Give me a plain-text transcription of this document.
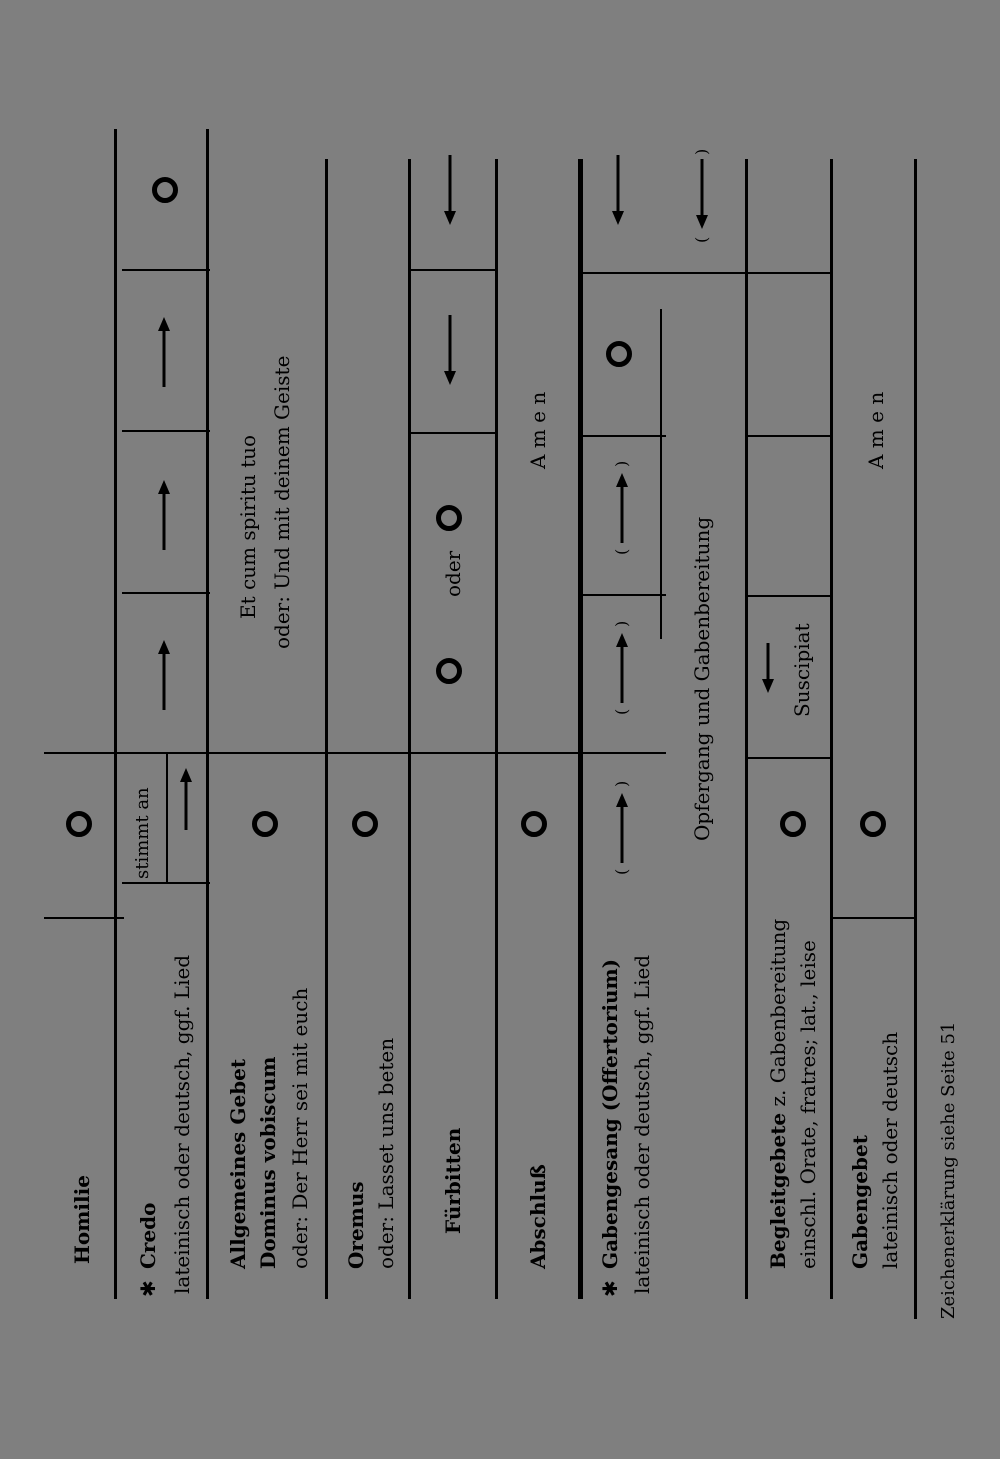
Homilie
✱
Credo lateinisch oder deutsch, ggf. Lied
stimmt an
Allgemeines Gebet Dominus vobiscum oder: Der Herr sei mit euch
Et cum spiritu tuo oder: Und mit deinem Geiste
Oremus oder: Lasset uns beten Fürbitten
oder
Abschluß
A m e n
✱
Gabengesang (Offertorium) lateinisch oder deutsch, ggf. Lied
(
)
(
)
(
)
Opfergang und Gabenbereitung
(
)
Begleitgebete z. Gabenbereitung einschl. Orate, fratres; lat., leise
Suscipiat
Gabengebet lateinisch oder deutsch
A m e n
Zeichenerklärung siehe Seite 51
